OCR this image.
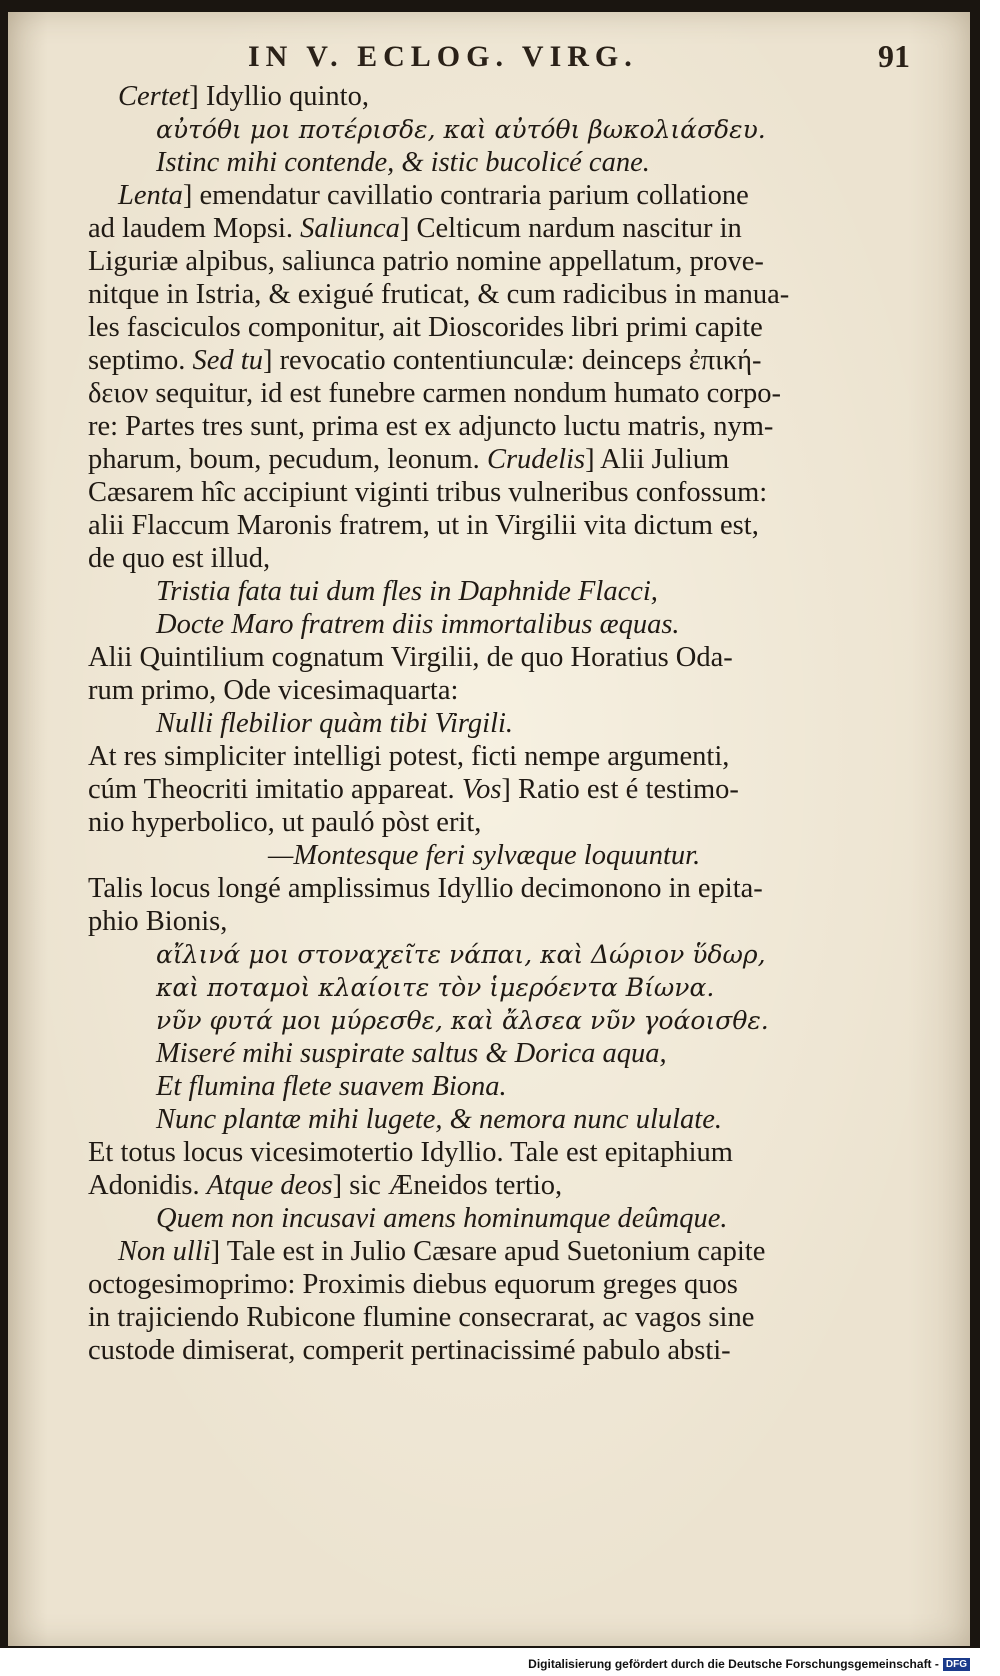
IN V. ECLOG. VIRG.	91
Certet] Idyllio quinto,
αὐτόθι μοι ποτέρισδε, καὶ αὐτόθι βωκολιάσδευ.
Istinc mihi contende, & istic bucolicé cane.
Lenta] emendatur cavillatio contraria parium collatione
ad laudem Mopsi. Saliunca] Celticum nardum nascitur in
Liguriæ alpibus, saliunca patrio nomine appellatum, prove-
nitque in Istria, & exigué fruticat, & cum radicibus in manua-
les fasciculos componitur, ait Dioscorides libri primi capite
septimo. Sed tu] revocatio contentiunculæ: deinceps ἐπική-
δειον sequitur, id est funebre carmen nondum humato corpo-
re: Partes tres sunt, prima est ex adjuncto luctu matris, nym-
pharum, boum, pecudum, leonum. Crudelis] Alii Julium
Cæsarem hîc accipiunt viginti tribus vulneribus confossum:
alii Flaccum Maronis fratrem, ut in Virgilii vita dictum est,
de quo est illud,
Tristia fata tui dum fles in Daphnide Flacci,
Docte Maro fratrem diis immortalibus æquas.
Alii Quintilium cognatum Virgilii, de quo Horatius Oda-
rum primo, Ode vicesimaquarta:
Nulli flebilior quàm tibi Virgili.
At res simpliciter intelligi potest, ficti nempe argumenti,
cúm Theocriti imitatio appareat. Vos] Ratio est é testimo-
nio hyperbolico, ut pauló pòst erit,
—Montesque feri sylvæque loquuntur.
Talis locus longé amplissimus Idyllio decimonono in epita-
phio Bionis,
αἴλινά μοι στοναχεῖτε νάπαι, καὶ Δώριον ὕδωρ,
καὶ ποταμοὶ κλαίοιτε τὸν ἱμερόεντα Βίωνα.
νῦν φυτά μοι μύρεσθε, καὶ ἄλσεα νῦν γοάοισθε.
Miseré mihi suspirate saltus & Dorica aqua,
Et flumina flete suavem Biona.
Nunc plantæ mihi lugete, & nemora nunc ululate.
Et totus locus vicesimotertio Idyllio. Tale est epitaphium
Adonidis. Atque deos] sic Æneidos tertio,
Quem non incusavi amens hominumque deûmque.
Non ulli] Tale est in Julio Cæsare apud Suetonium capite
octogesimoprimo: Proximis diebus equorum greges quos
in trajiciendo Rubicone flumine consecrarat, ac vagos sine
custode dimiserat, comperit pertinacissimé pabulo absti-
Digitalisierung gefördert durch die Deutsche Forschungsgemeinschaft - DFG
